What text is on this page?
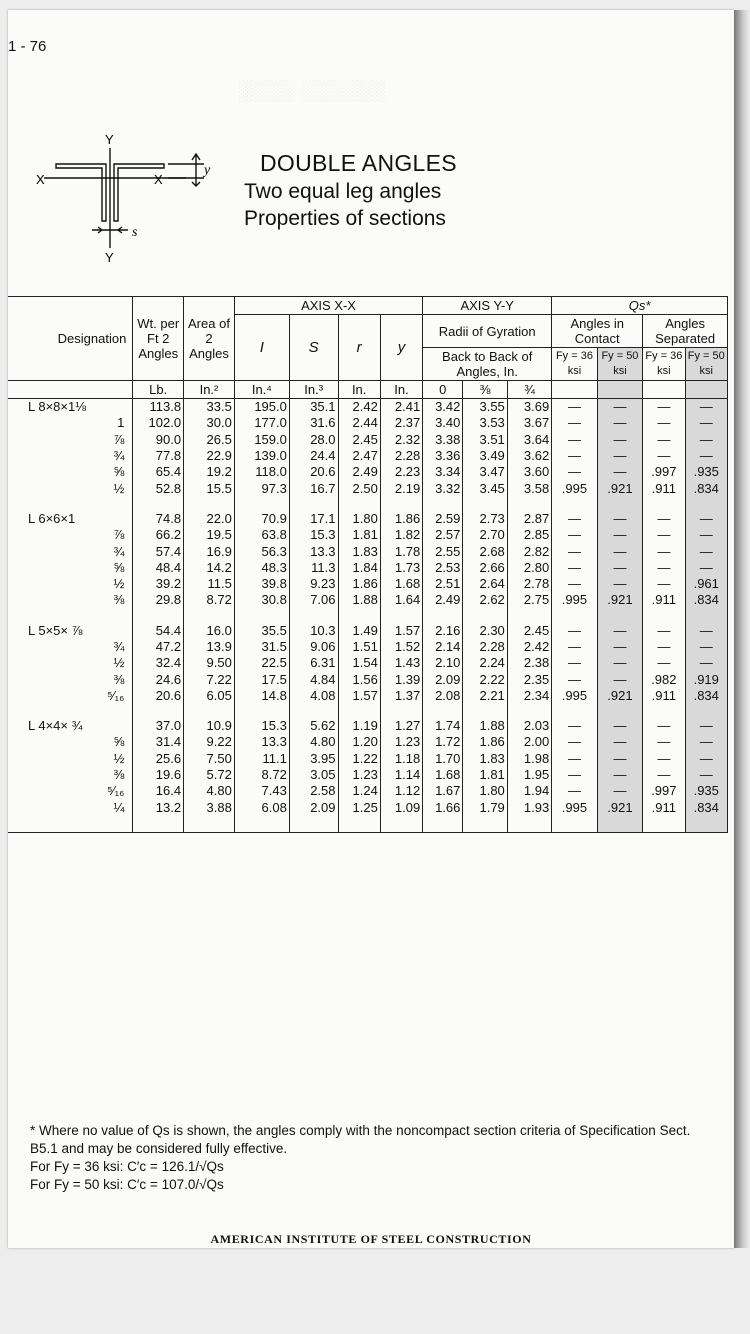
1 - 76
░░░░ ░░░░░░
Y
Y
X	X
y
s
DOUBLE ANGLES
Two equal leg angles
Properties of sections
Designation	Wt. per Ft 2 Angles	Area of 2 Angles	AXIS X-X				AXIS Y-Y			Qs*			
			I	S	r	y	Radii of Gyration			Angles in Contact		Angles Separated	
							Back to Back of Angles, In.			Fy = 36 ksi	Fy = 50 ksi	Fy = 36 ksi	Fy = 50 ksi
	Lb.	In.²	In.⁴	In.³	In.	In.	0	⅜	¾				

L 8×8×1⅛	113.8	33.5	195.0	35.1	2.42	2.41	3.42	3.55	3.69	—	—	—	—
1	102.0	30.0	177.0	31.6	2.44	2.37	3.40	3.53	3.67	—	—	—	—
⅞	90.0	26.5	159.0	28.0	2.45	2.32	3.38	3.51	3.64	—	—	—	—
¾	77.8	22.9	139.0	24.4	2.47	2.28	3.36	3.49	3.62	—	—	—	—
⅝	65.4	19.2	118.0	20.6	2.49	2.23	3.34	3.47	3.60	—	—	.997	.935
½	52.8	15.5	97.3	16.7	2.50	2.19	3.32	3.45	3.58	.995	.921	.911	.834

L 6×6×1	74.8	22.0	70.9	17.1	1.80	1.86	2.59	2.73	2.87	—	—	—	—
⅞	66.2	19.5	63.8	15.3	1.81	1.82	2.57	2.70	2.85	—	—	—	—
¾	57.4	16.9	56.3	13.3	1.83	1.78	2.55	2.68	2.82	—	—	—	—
⅝	48.4	14.2	48.3	11.3	1.84	1.73	2.53	2.66	2.80	—	—	—	—
½	39.2	11.5	39.8	9.23	1.86	1.68	2.51	2.64	2.78	—	—	—	.961
⅜	29.8	8.72	30.8	7.06	1.88	1.64	2.49	2.62	2.75	.995	.921	.911	.834

L 5×5× ⅞	54.4	16.0	35.5	10.3	1.49	1.57	2.16	2.30	2.45	—	—	—	—
¾	47.2	13.9	31.5	9.06	1.51	1.52	2.14	2.28	2.42	—	—	—	—
½	32.4	9.50	22.5	6.31	1.54	1.43	2.10	2.24	2.38	—	—	—	—
⅜	24.6	7.22	17.5	4.84	1.56	1.39	2.09	2.22	2.35	—	—	.982	.919
⁵⁄₁₆	20.6	6.05	14.8	4.08	1.57	1.37	2.08	2.21	2.34	.995	.921	.911	.834

L 4×4× ¾	37.0	10.9	15.3	5.62	1.19	1.27	1.74	1.88	2.03	—	—	—	—
⅝	31.4	9.22	13.3	4.80	1.20	1.23	1.72	1.86	2.00	—	—	—	—
½	25.6	7.50	11.1	3.95	1.22	1.18	1.70	1.83	1.98	—	—	—	—
⅜	19.6	5.72	8.72	3.05	1.23	1.14	1.68	1.81	1.95	—	—	—	—
⁵⁄₁₆	16.4	4.80	7.43	2.58	1.24	1.12	1.67	1.80	1.94	—	—	.997	.935
¼	13.2	3.88	6.08	2.09	1.25	1.09	1.66	1.79	1.93	.995	.921	.911	.834

* Where no value of Qs is shown, the angles comply with the noncompact section criteria of Specification Sect. B5.1 and may be considered fully effective.
For Fy = 36 ksi: C′c = 126.1/√Qs
For Fy = 50 ksi: C′c = 107.0/√Qs
AMERICAN INSTITUTE OF STEEL CONSTRUCTION
